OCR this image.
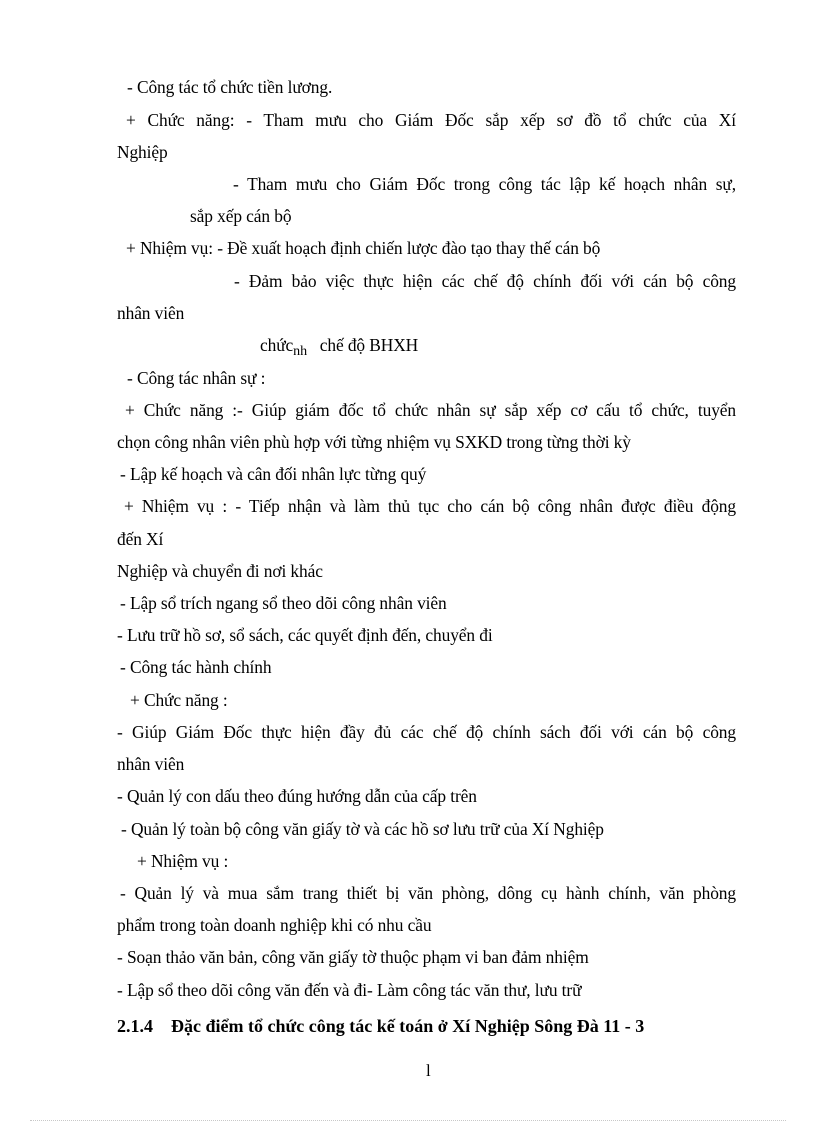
- Công tác tổ chức tiền lương.
+ Chức năng: - Tham mưu cho Giám Đốc sắp xếp sơ đồ tổ chức của Xí
Nghiệp
- Tham mưu cho Giám Đốc trong công tác lập kế hoạch nhân sự,
sắp xếp cán bộ
+ Nhiệm vụ: - Đề xuất hoạch định chiến lược đào tạo thay thế cán bộ
- Đảm bảo việc thực hiện các chế độ chính đối với cán bộ công
nhân viên
chức$_{nh}$ chế độ BHXH
- Công tác nhân sự :
+ Chức năng :- Giúp giám đốc tổ chức nhân sự sắp xếp cơ cấu tổ chức, tuyển
chọn công nhân viên phù hợp với từng nhiệm vụ SXKD trong từng thời kỳ
- Lập kế hoạch và cân đối nhân lực từng quý
+ Nhiệm vụ : - Tiếp nhận và làm thủ tục cho cán bộ công nhân được điều động
đến Xí
Nghiệp và chuyển đi nơi khác
- Lập sổ trích ngang sổ theo dõi công nhân viên
- Lưu trữ hồ sơ, sổ sách, các quyết định đến, chuyển đi
- Công tác hành chính
+ Chức năng :
- Giúp Giám Đốc thực hiện đầy đủ các chế độ chính sách đối với cán bộ công
nhân viên
- Quản lý con dấu theo đúng hướng dẫn của cấp trên
- Quản lý toàn bộ công văn giấy tờ và các hồ sơ lưu trữ của Xí Nghiệp
+ Nhiệm vụ :
- Quản lý và mua sắm trang thiết bị văn phòng, dông cụ hành chính, văn phòng
phẩm trong toàn doanh nghiệp khi có nhu cầu
- Soạn thảo văn bản, công văn giấy tờ thuộc phạm vi ban đảm nhiệm
- Lập sổ theo dõi công văn đến và đi- Làm công tác văn thư, lưu trữ
2.1.4 Đặc điểm tổ chức công tác kế toán ở Xí Nghiệp Sông Đà 11 - 3
l
